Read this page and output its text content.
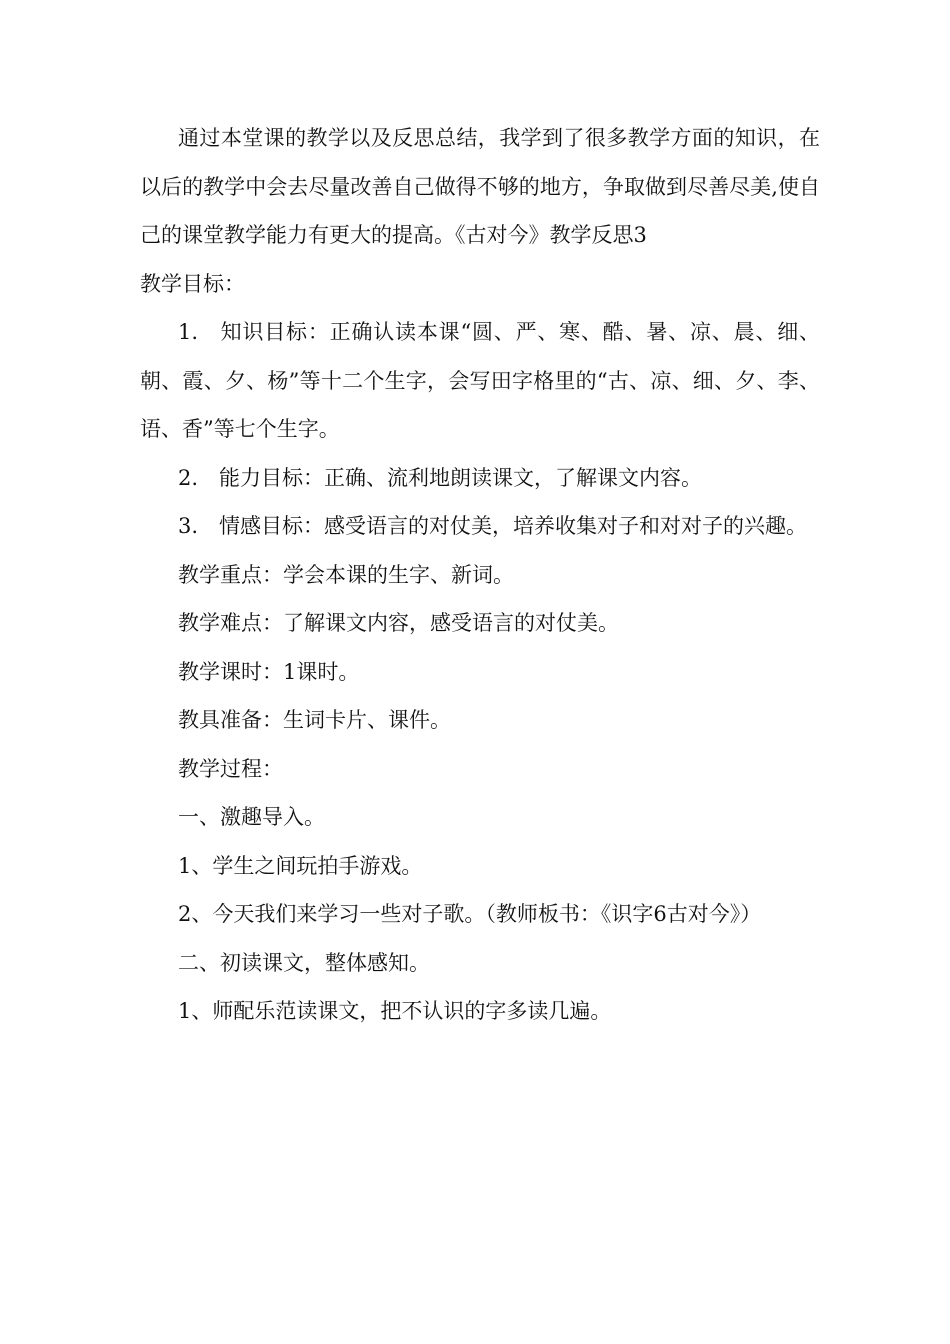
通过本堂课的教学以及反思总结，我学到了很多教学方面的知识，在以后的教学中会去尽量改善自己做得不够的地方，争取做到尽善尽美,使自己的课堂教学能力有更大的提高。《古对今》教学反思3

教学目标：

1.　知识目标：正确认读本课“圆、严、寒、酷、暑、凉、晨、细、朝、霞、夕、杨”等十二个生字，会写田字格里的“古、凉、细、夕、李、语、香”等七个生字。

2.　能力目标：正确、流利地朗读课文，了解课文内容。

3.　情感目标：感受语言的对仗美，培养收集对子和对对子的兴趣。

教学重点：学会本课的生字、新词。

教学难点：了解课文内容，感受语言的对仗美。

教学课时：1课时。

教具准备：生词卡片、课件。

教学过程：

一、激趣导入。

1、学生之间玩拍手游戏。

2、今天我们来学习一些对子歌。（教师板书：《识字6古对今》）

二、初读课文，整体感知。

1、师配乐范读课文，把不认识的字多读几遍。
